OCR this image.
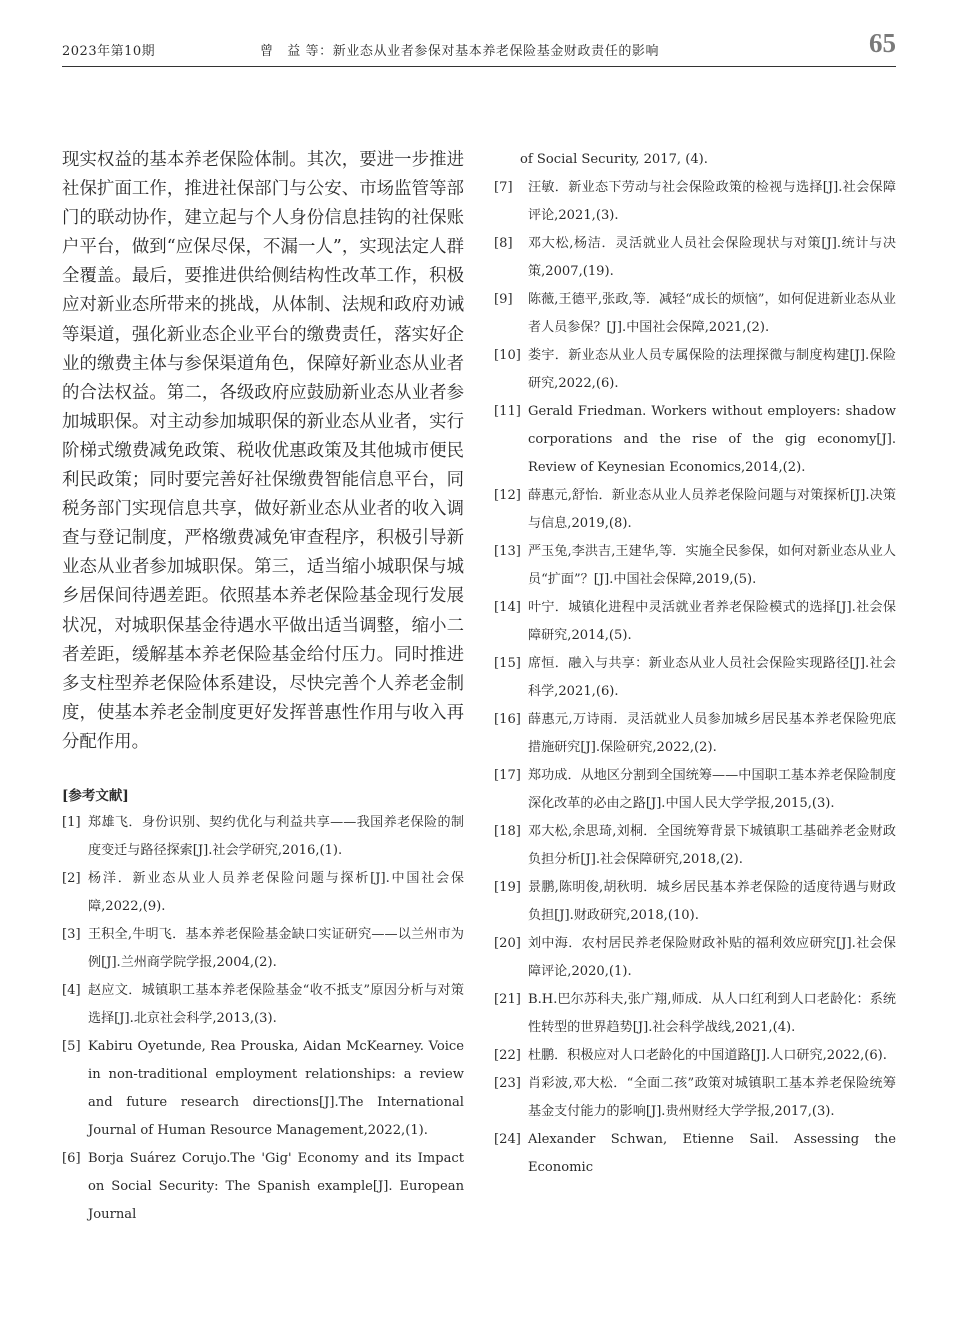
2023年第10期	曾　益 等：新业态从业者参保对基本养老保险基金财政责任的影响	65

现实权益的基本养老保险体制。其次，要进一步推进社保扩面工作，推进社保部门与公安、市场监管等部门的联动协作，建立起与个人身份信息挂钩的社保账户平台，做到“应保尽保，不漏一人”，实现法定人群全覆盖。最后，要推进供给侧结构性改革工作，积极应对新业态所带来的挑战，从体制、法规和政府劝诫等渠道，强化新业态企业平台的缴费责任，落实好企业的缴费主体与参保渠道角色，保障好新业态从业者的合法权益。第二，各级政府应鼓励新业态从业者参加城职保。对主动参加城职保的新业态从业者，实行阶梯式缴费减免政策、税收优惠政策及其他城市便民利民政策；同时要完善好社保缴费智能信息平台，同税务部门实现信息共享，做好新业态从业者的收入调查与登记制度，严格缴费减免审查程序，积极引导新业态从业者参加城职保。第三，适当缩小城职保与城乡居保间待遇差距。依照基本养老保险基金现行发展状况，对城职保基金待遇水平做出适当调整，缩小二者差距，缓解基本养老保险基金给付压力。同时推进多支柱型养老保险体系建设，尽快完善个人养老金制度，使基本养老金制度更好发挥普惠性作用与收入再分配作用。

[参考文献]
[1] 郑雄飞．身份识别、契约优化与利益共享——我国养老保险的制度变迁与路径探索[J].社会学研究,2016,(1).
[2] 杨洋．新业态从业人员养老保险问题与探析[J].中国社会保障,2022,(9).
[3] 王积全,牛明飞．基本养老保险基金缺口实证研究——以兰州市为例[J].兰州商学院学报,2004,(2).
[4] 赵应文．城镇职工基本养老保险基金“收不抵支”原因分析与对策选择[J].北京社会科学,2013,(3).
[5] Kabiru Oyetunde, Rea Prouska, Aidan McKearney. Voice in non-traditional employment relationships: a review and future research directions[J].The International Journal of Human Resource Management,2022,(1).
[6] Borja Suárez Corujo.The 'Gig' Economy and its Impact on Social Security: The Spanish example[J]. European Journal
of Social Security, 2017, (4).
[7] 汪敏．新业态下劳动与社会保险政策的检视与选择[J].社会保障评论,2021,(3).
[8] 邓大松,杨洁．灵活就业人员社会保险现状与对策[J].统计与决策,2007,(19).
[9] 陈薇,王德平,张政,等．减轻“成长的烦恼”，如何促进新业态从业者人员参保？[J].中国社会保障,2021,(2).
[10] 娄宇．新业态从业人员专属保险的法理探微与制度构建[J].保险研究,2022,(6).
[11] Gerald Friedman. Workers without employers: shadow corporations and the rise of the gig economy[J]. Review of Keynesian Economics,2014,(2).
[12] 薛惠元,舒怡．新业态从业人员养老保险问题与对策探析[J].决策与信息,2019,(8).
[13] 严玉兔,李洪吉,王建华,等．实施全民参保，如何对新业态从业人员“扩面”？[J].中国社会保障,2019,(5).
[14] 叶宁．城镇化进程中灵活就业者养老保险模式的选择[J].社会保障研究,2014,(5).
[15] 席恒．融入与共享：新业态从业人员社会保险实现路径[J].社会科学,2021,(6).
[16] 薛惠元,万诗雨．灵活就业人员参加城乡居民基本养老保险兜底措施研究[J].保险研究,2022,(2).
[17] 郑功成．从地区分割到全国统筹——中国职工基本养老保险制度深化改革的必由之路[J].中国人民大学学报,2015,(3).
[18] 邓大松,余思琦,刘桐．全国统筹背景下城镇职工基础养老金财政负担分析[J].社会保障研究,2018,(2).
[19] 景鹏,陈明俊,胡秋明．城乡居民基本养老保险的适度待遇与财政负担[J].财政研究,2018,(10).
[20] 刘中海．农村居民养老保险财政补贴的福利效应研究[J].社会保障评论,2020,(1).
[21] B.H.巴尔苏科夫,张广翔,师成．从人口红利到人口老龄化：系统性转型的世界趋势[J].社会科学战线,2021,(4).
[22] 杜鹏．积极应对人口老龄化的中国道路[J].人口研究,2022,(6).
[23] 肖彩波,邓大松．“全面二孩”政策对城镇职工基本养老保险统筹基金支付能力的影响[J].贵州财经大学学报,2017,(3).
[24] Alexander Schwan, Etienne Sail. Assessing the Economic
